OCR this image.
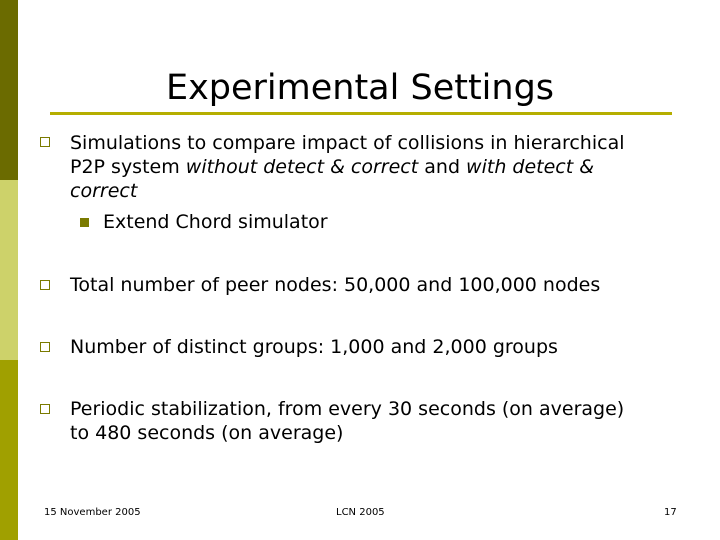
Experimental Settings
Simulations to compare impact of collisions in hierarchical
P2P system without detect & correct and with detect &
correct
Extend Chord simulator
Total number of peer nodes: 50,000 and 100,000 nodes
Number of distinct groups: 1,000 and 2,000 groups
Periodic stabilization, from every 30 seconds (on average)
to 480 seconds (on average)
15 November 2005	LCN 2005	17
